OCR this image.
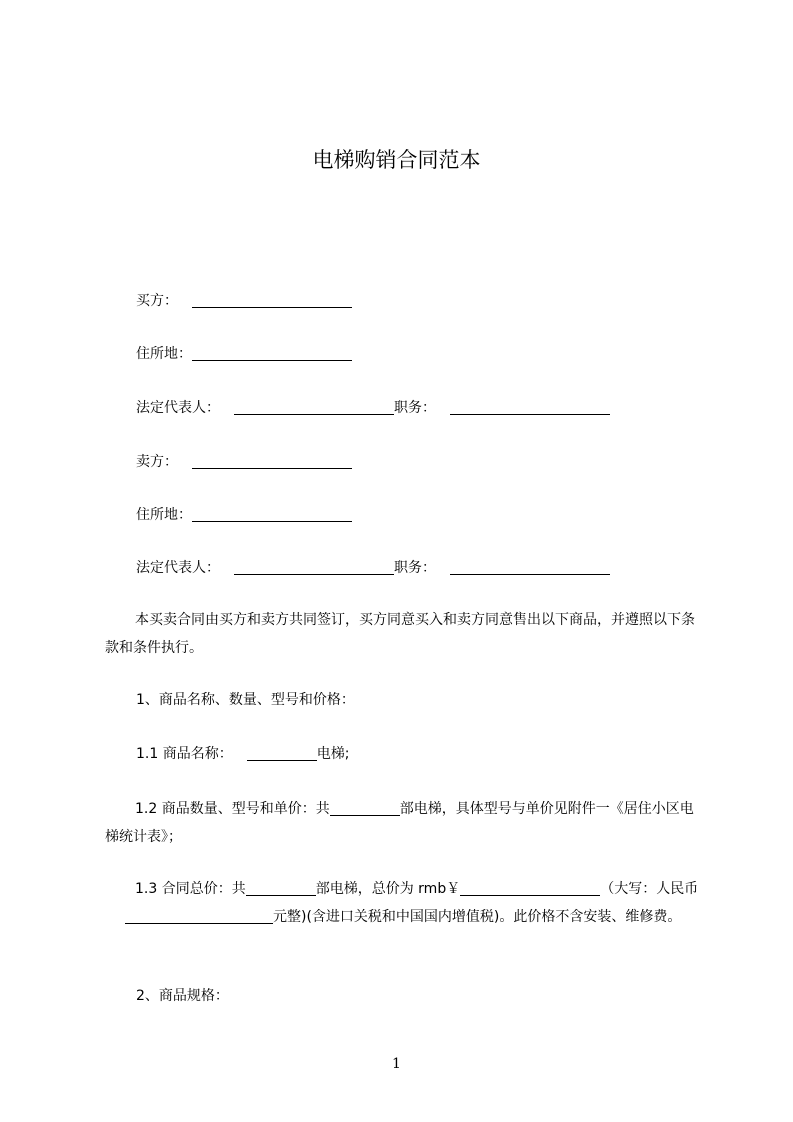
电梯购销合同范本
买方：
住所地：
法定代表人：	职务：
卖方：
住所地：
法定代表人：	职务：
本买卖合同由买方和卖方共同签订，买方同意买入和卖方同意售出以下商品，并遵照以下条款和条件执行。
1、商品名称、数量、型号和价格：
1.1 商品名称：	电梯;
1.2 商品数量、型号和单价：共	部电梯，具体型号与单价见附件一《居住小区电梯统计表》；
1.3 合同总价：共	部电梯，总价为 rmb￥	（大写：人民币元整)(含进口关税和中国国内增值税)。此价格不含安装、维修费。
2、商品规格：
1
